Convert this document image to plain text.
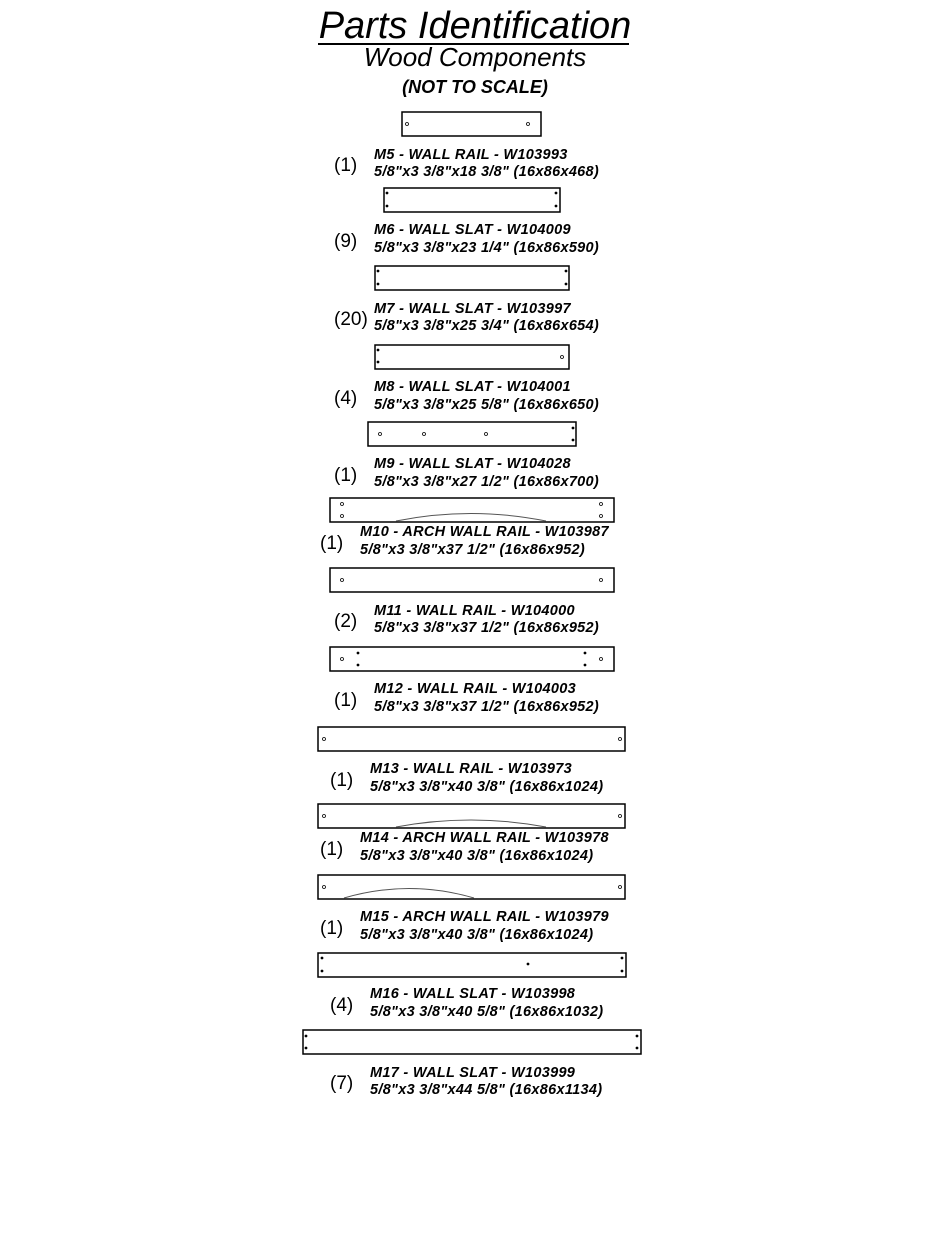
Parts Identification
Wood Components
(NOT TO SCALE)
(1) M5 - WALL RAIL - W103993
5/8"x3 3/8"x18 3/8" (16x86x468)
(9)
M6 - WALL SLAT - W104009
5/8"x3 3/8"x23 1/4" (16x86x590)
(20) M7 - WALL SLAT - W103997
5/8"x3 3/8"x25 3/4" (16x86x654)
(4)
M8 - WALL SLAT - W104001
5/8"x3 3/8"x25 5/8" (16x86x650)
(1)
M9 - WALL SLAT - W104028
5/8"x3 3/8"x27 1/2" (16x86x700)
(1)
M10 - ARCH WALL RAIL - W103987
5/8"x3 3/8"x37 1/2" (16x86x952)
(2) M11 - WALL RAIL - W104000
5/8"x3 3/8"x37 1/2" (16x86x952)
(1)
M12 - WALL RAIL - W104003
5/8"x3 3/8"x37 1/2" (16x86x952)
(1)
M13 - WALL RAIL - W103973
5/8"x3 3/8"x40 3/8" (16x86x1024)
(1)
M14 - ARCH WALL RAIL - W103978
5/8"x3 3/8"x40 3/8" (16x86x1024)
(1)
M15 - ARCH WALL RAIL - W103979
5/8"x3 3/8"x40 3/8" (16x86x1024)
(4)
M16 - WALL SLAT - W103998
5/8"x3 3/8"x40 5/8" (16x86x1032)
(7) M17 - WALL SLAT - W103999
5/8"x3 3/8"x44 5/8" (16x86x1134)
